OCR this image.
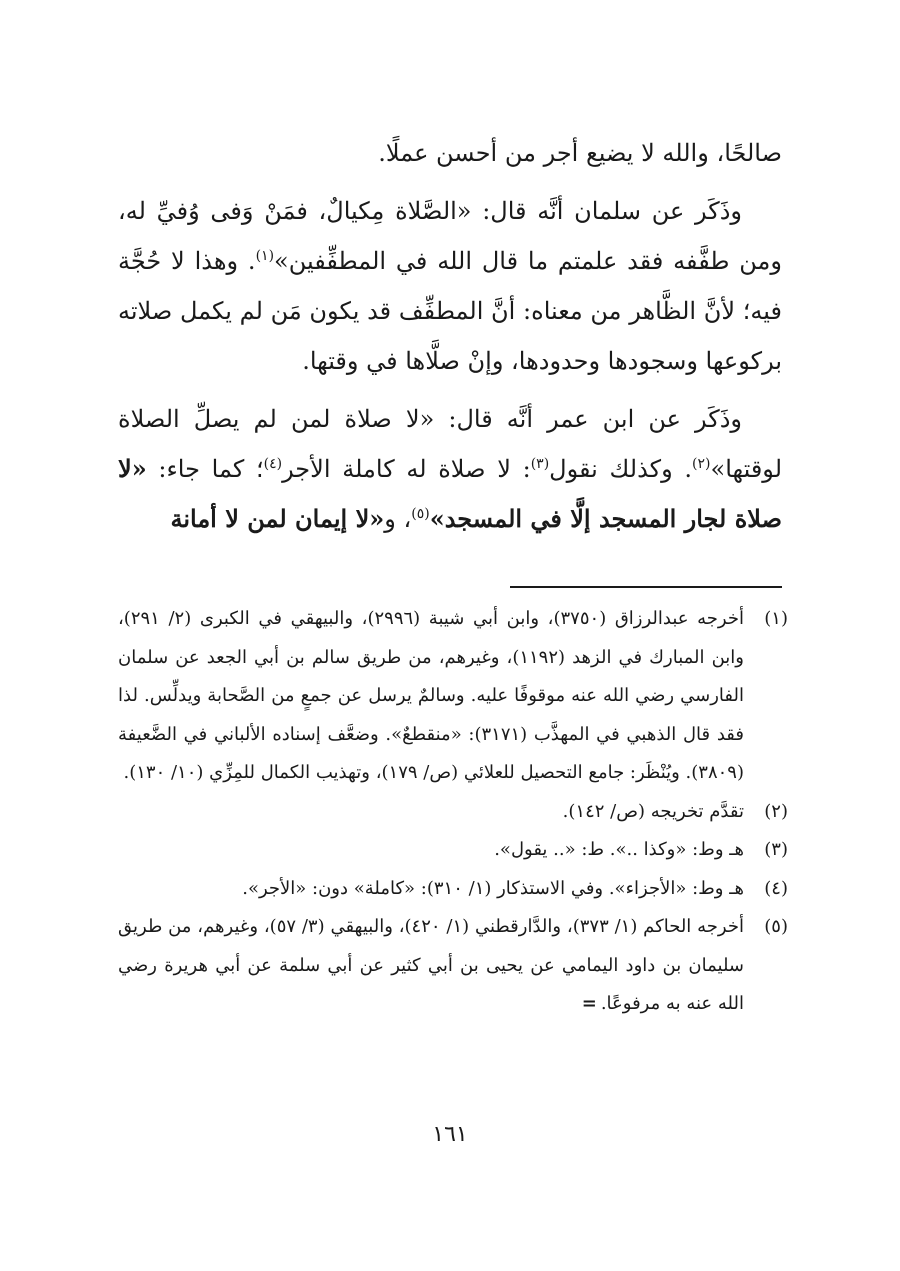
صالحًا، والله لا يضيع أجر من أحسن عملًا.

وذَكَر عن سلمان أنَّه قال: «الصَّلاة مِكيالٌ، فمَنْ وَفى وُفيِّ له، ومن طفَّفه فقد علمتم ما قال الله في المطفِّفين»$^{(١)}$. وهذا لا حُجَّة فيه؛ لأنَّ الظَّاهر من معناه: أنَّ المطفِّف قد يكون مَن لم يكمل صلاته بركوعها وسجودها وحدودها، وإنْ صلَّاها في وقتها.

وذَكَر عن ابن عمر أنَّه قال: «لا صلاة لمن لم يصلِّ الصلاة لوقتها»$^{(٢)}$. وكذلك نقول$^{(٣)}$: لا صلاة له كاملة الأجر$^{(٤)}$؛ كما جاء: «لا صلاة لجار المسجد إلَّا في المسجد»$^{(٥)}$، و«لا إيمان لمن لا أمانة

(١)
أخرجه عبدالرزاق (٣٧٥٠)، وابن أبي شيبة (٢٩٩٦)، والبيهقي في الكبرى (٢/ ٢٩١)، وابن المبارك في الزهد (١١٩٢)، وغيرهم، من طريق سالم بن أبي الجعد عن سلمان الفارسي رضي الله عنه موقوفًا عليه. وسالمٌ يرسل عن جمعٍ من الصَّحابة ويدلِّس. لذا فقد قال الذهبي في المهذَّب (٣١٧١): «منقطعٌ». وضعَّف إسناده الألباني في الضَّعيفة (٣٨٠٩). ويُنْظَر: جامع التحصيل للعلائي (ص/ ١٧٩)، وتهذيب الكمال للمِزِّي (١٠/ ١٣٠).
(٢)
تقدَّم تخريجه (ص/ ١٤٢).
(٣)
هـ وط: «وكذا ..». ط: «.. يقول».
(٤)
هـ وط: «الأجزاء». وفي الاستذكار (١/ ٣١٠): «كاملة» دون: «الأجر».
(٥)
أخرجه الحاكم (١/ ٣٧٣)، والدَّارقطني (١/ ٤٢٠)، والبيهقي (٣/ ٥٧)، وغيرهم، من طريق سليمان بن داود اليمامي عن يحيى بن أبي كثير عن أبي سلمة عن أبي هريرة رضي الله عنه به مرفوعًا.=
١٦١
